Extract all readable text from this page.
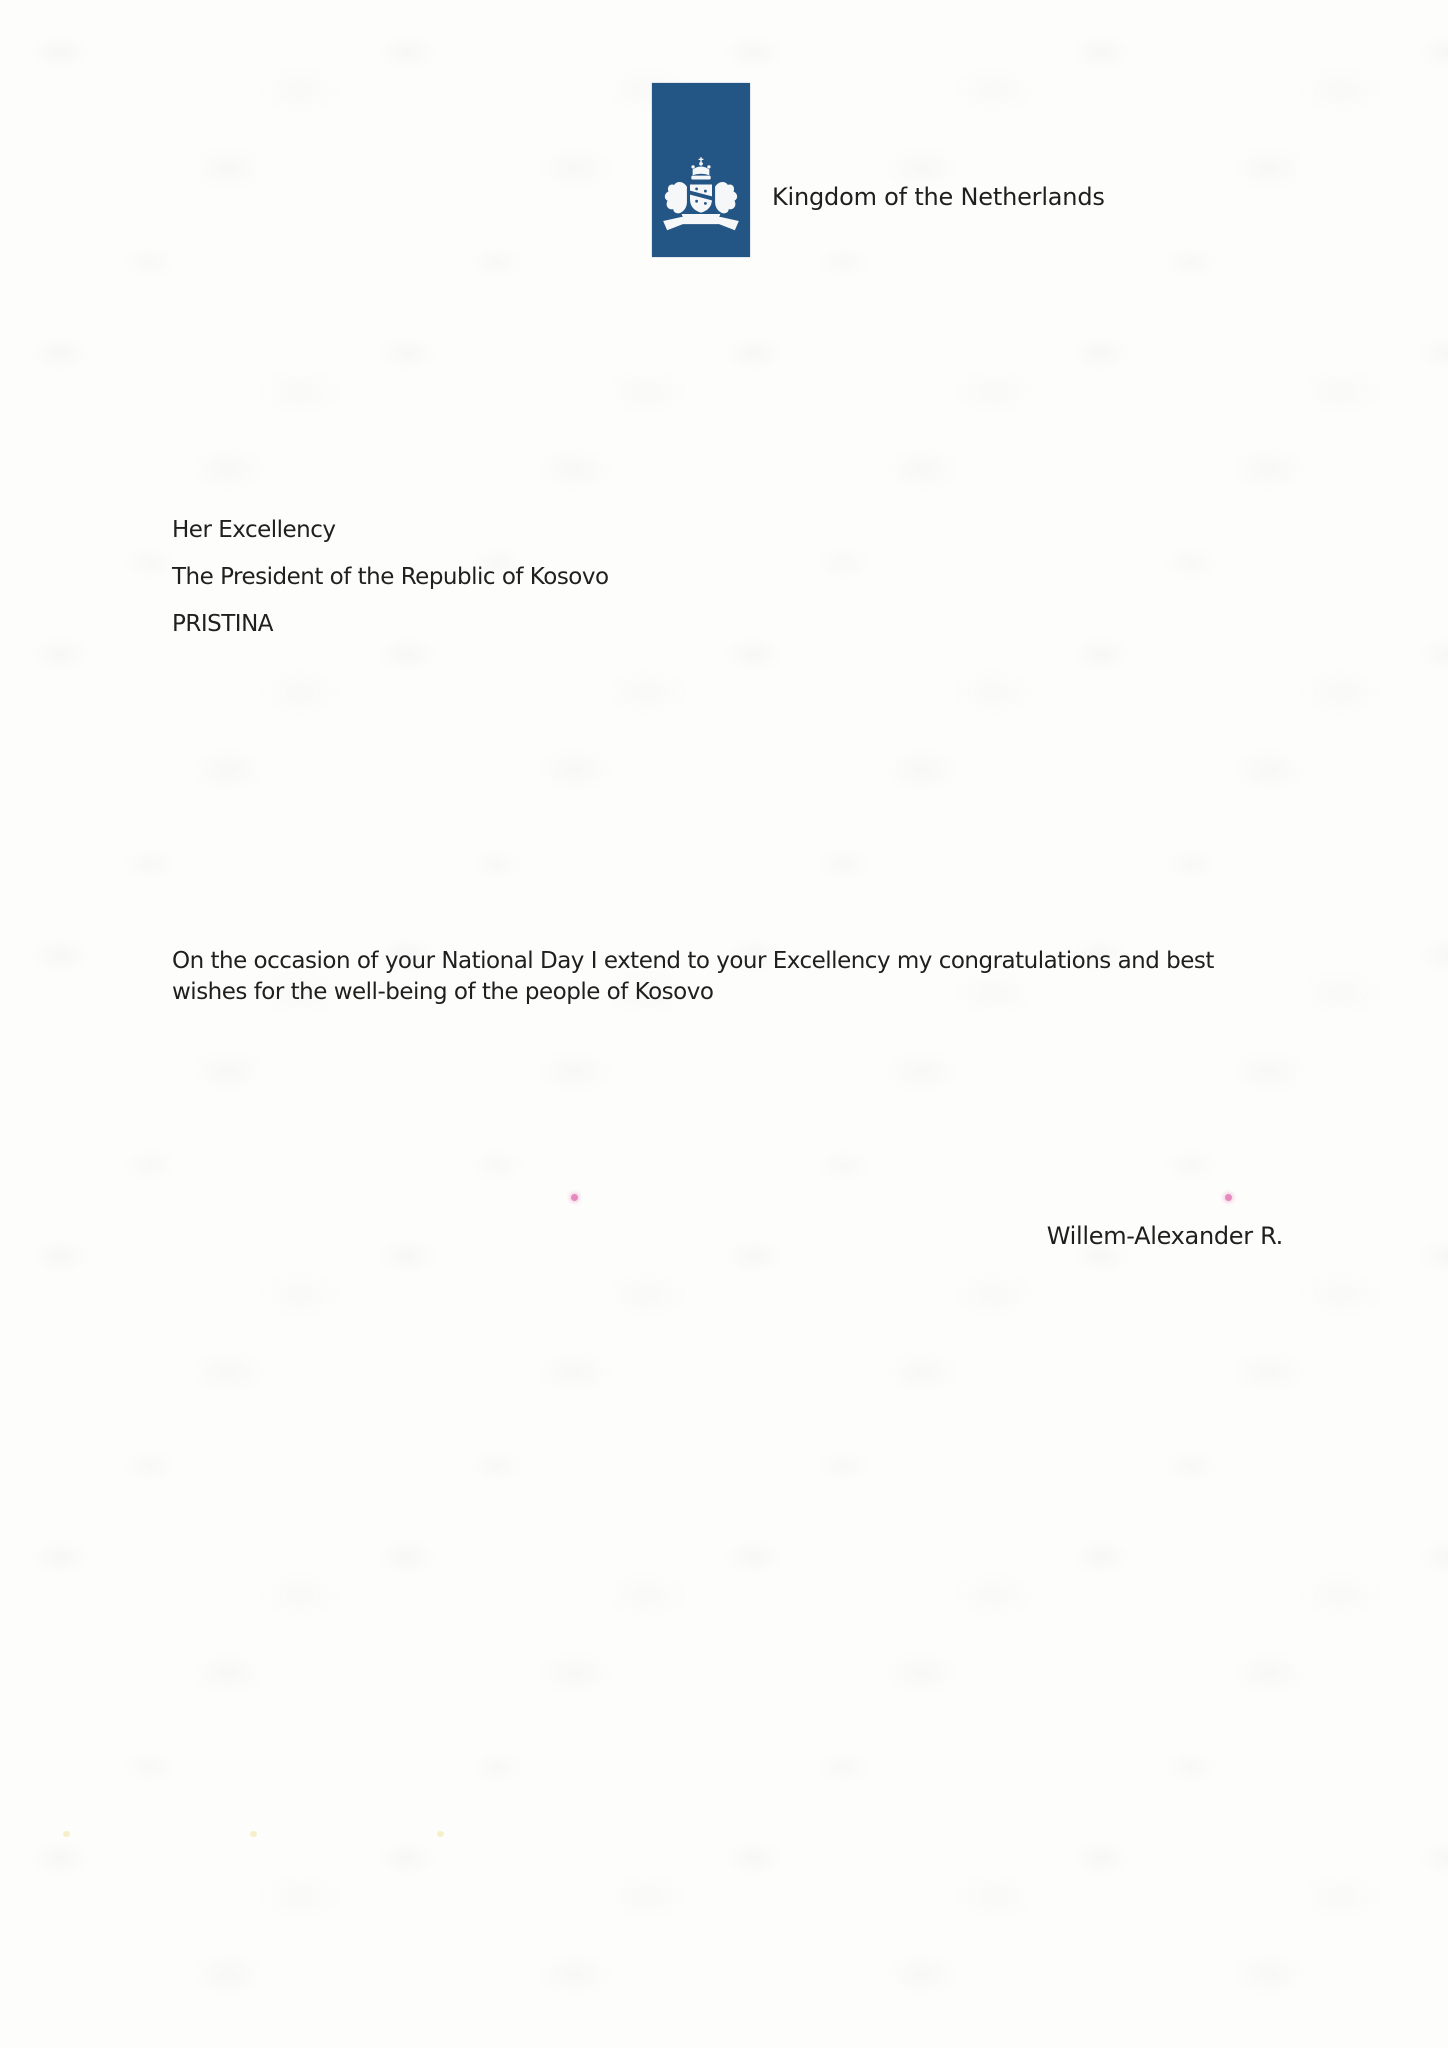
Kingdom of the Netherlands
Her Excellency
The President of the Republic of Kosovo
PRISTINA
On the occasion of your National Day I extend to your Excellency my congratulations and best
wishes for the well-being of the people of Kosovo
Willem-Alexander R.
